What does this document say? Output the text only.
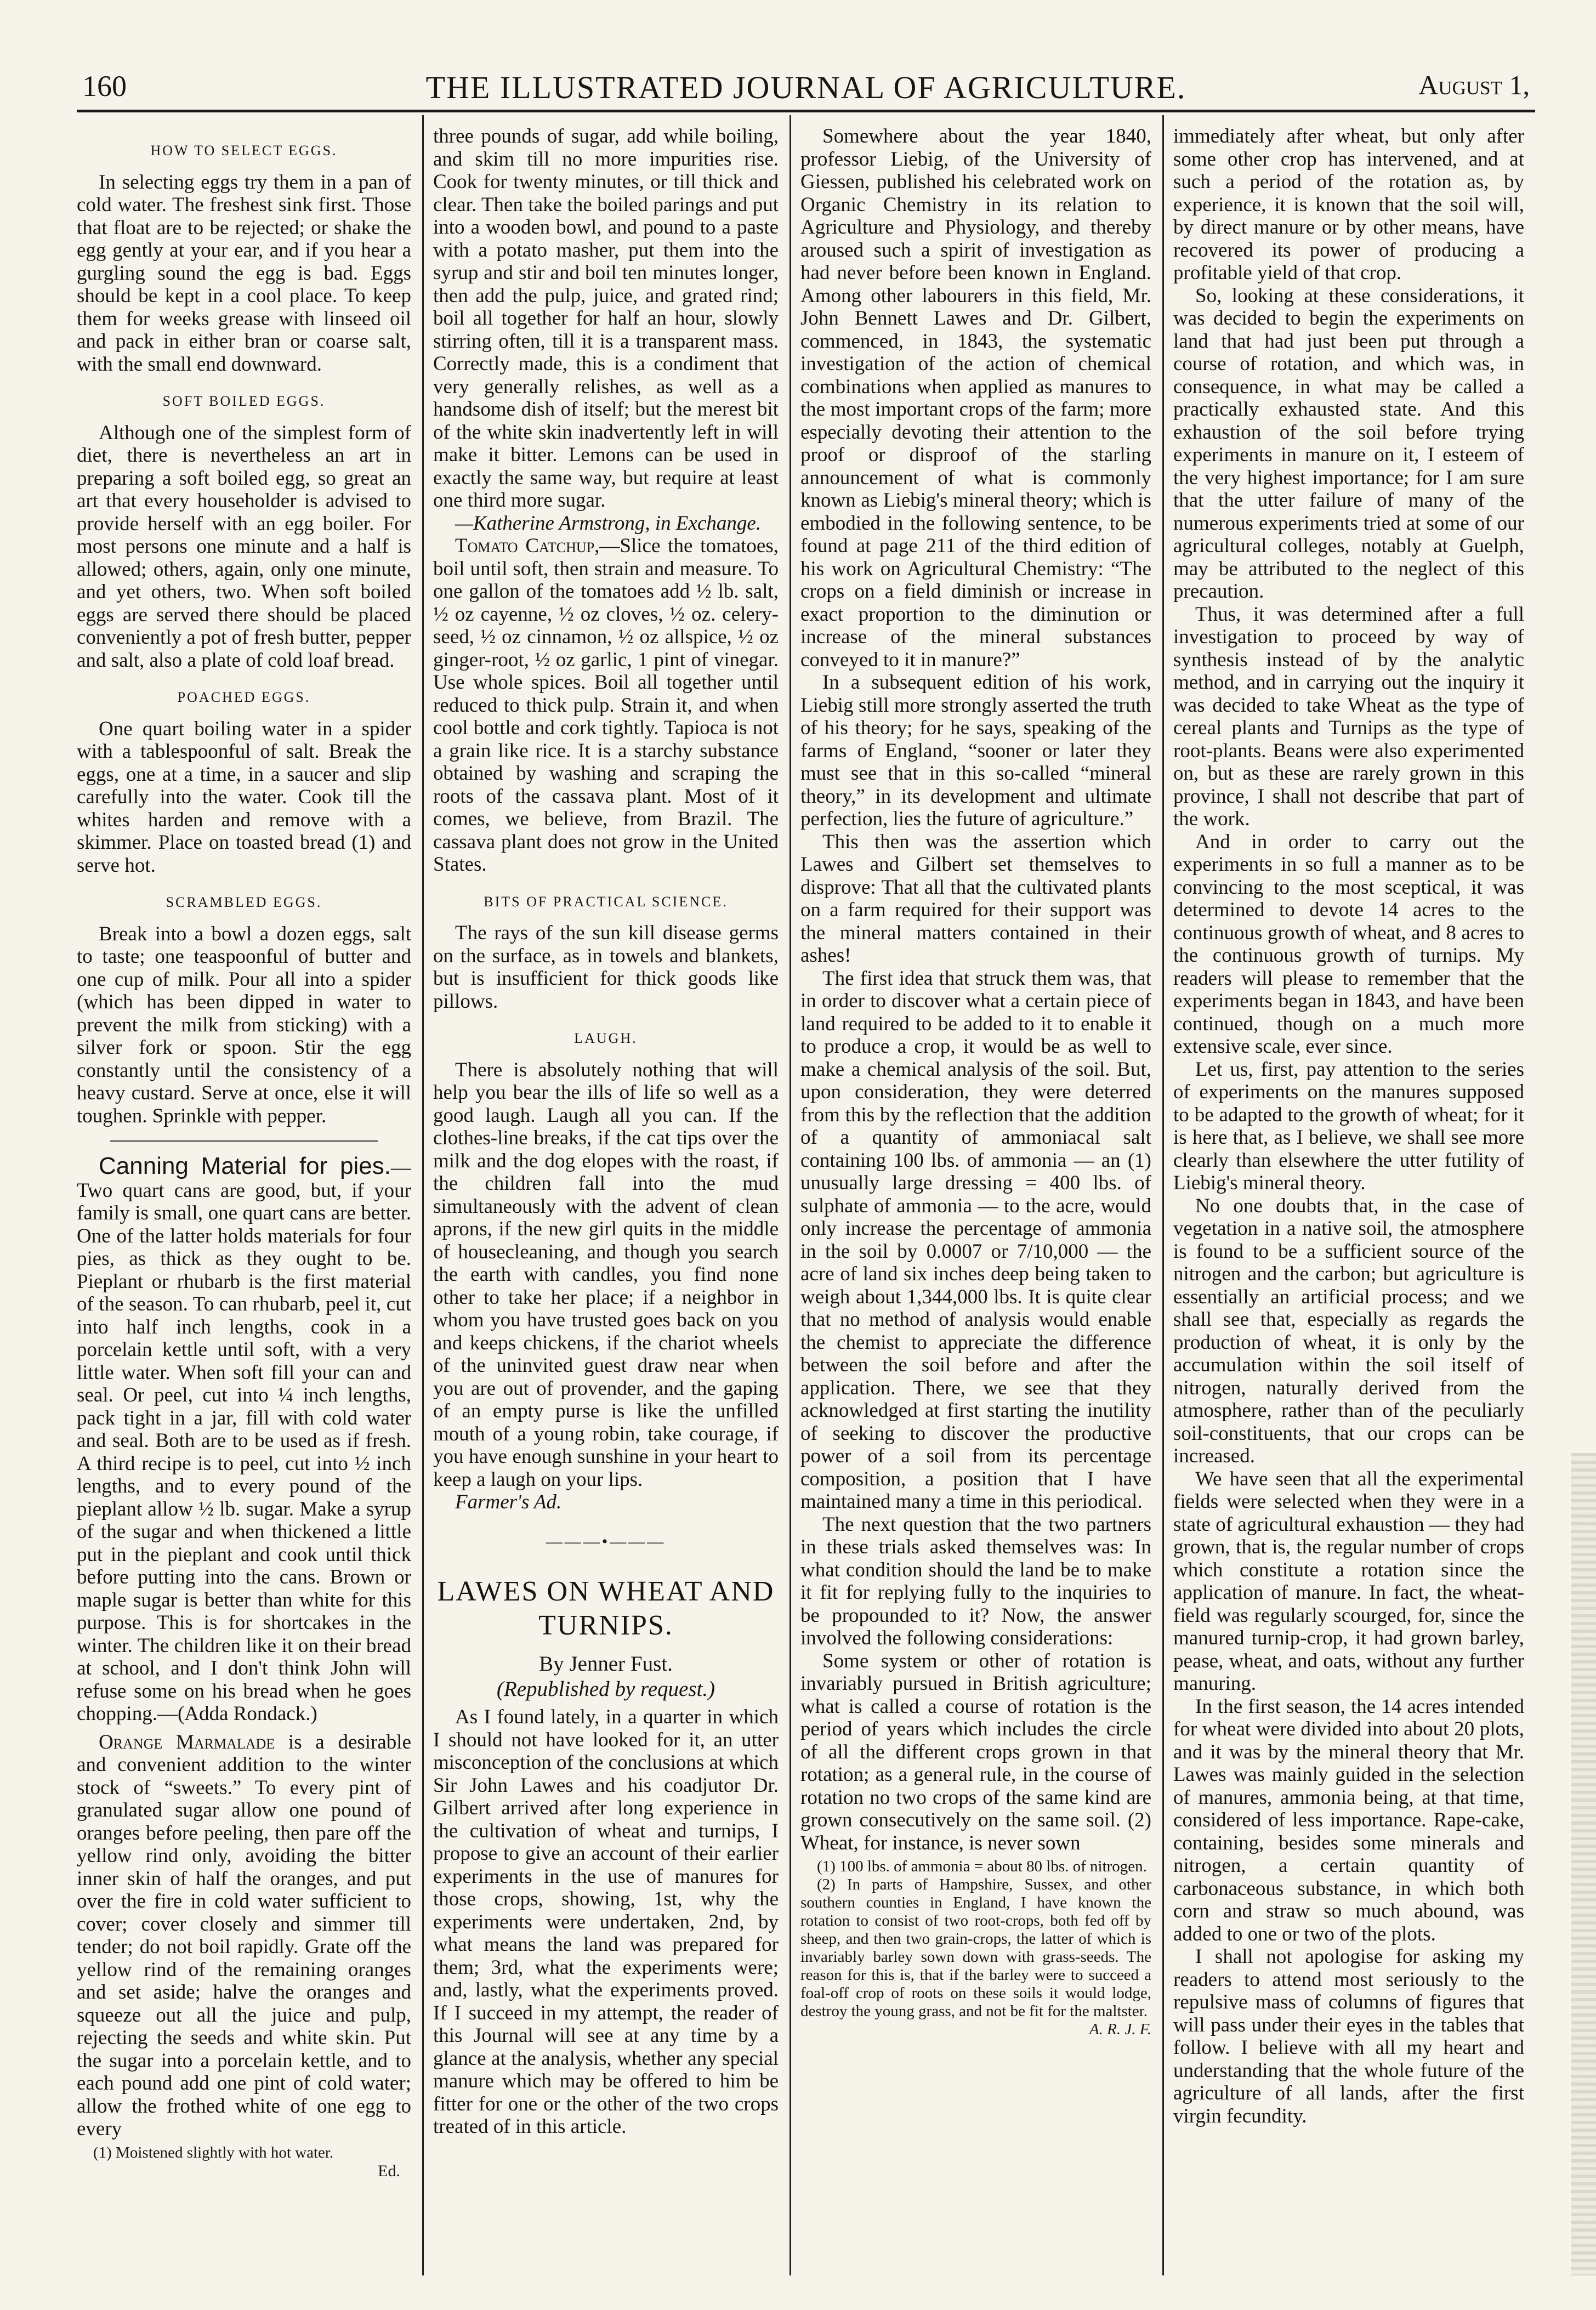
160	THE ILLUSTRATED JOURNAL OF AGRICULTURE.	August 1,
HOW TO SELECT EGGS.

In selecting eggs try them in a pan of cold water. The freshest sink first. Those that float are to be rejected; or shake the egg gently at your ear, and if you hear a gurgling sound the egg is bad. Eggs should be kept in a cool place. To keep them for weeks grease with linseed oil and pack in either bran or coarse salt, with the small end downward.

SOFT BOILED EGGS.

Although one of the simplest form of diet, there is nevertheless an art in preparing a soft boiled egg, so great an art that every householder is advised to provide herself with an egg boiler. For most persons one minute and a half is allowed; others, again, only one minute, and yet others, two. When soft boiled eggs are served there should be placed conveniently a pot of fresh butter, pepper and salt, also a plate of cold loaf bread.

POACHED EGGS.

One quart boiling water in a spider with a tablespoonful of salt. Break the eggs, one at a time, in a saucer and slip carefully into the water. Cook till the whites harden and remove with a skimmer. Place on toasted bread (1) and serve hot.

SCRAMBLED EGGS.

Break into a bowl a dozen eggs, salt to taste; one teaspoonful of butter and one cup of milk. Pour all into a spider (which has been dipped in water to prevent the milk from sticking) with a silver fork or spoon. Stir the egg constantly until the consistency of a heavy custard. Serve at once, else it will toughen. Sprinkle with pepper.

Canning Material for pies.— Two quart cans are good, but, if your family is small, one quart cans are better. One of the latter holds materials for four pies, as thick as they ought to be. Pieplant or rhubarb is the first material of the season. To can rhubarb, peel it, cut into half inch lengths, cook in a porcelain kettle until soft, with a very little water. When soft fill your can and seal. Or peel, cut into ¼ inch lengths, pack tight in a jar, fill with cold water and seal. Both are to be used as if fresh. A third recipe is to peel, cut into ½ inch lengths, and to every pound of the pieplant allow ½ lb. sugar. Make a syrup of the sugar and when thickened a little put in the pieplant and cook until thick before putting into the cans. Brown or maple sugar is better than white for this purpose. This is for shortcakes in the winter. The children like it on their bread at school, and I don't think John will refuse some on his bread when he goes chopping.—(Adda Rondack.)

Orange Marmalade is a desirable and convenient addition to the winter stock of “sweets.” To every pint of granulated sugar allow one pound of oranges before peeling, then pare off the yellow rind only, avoiding the bitter inner skin of half the oranges, and put over the fire in cold water sufficient to cover; cover closely and simmer till tender; do not boil rapidly. Grate off the yellow rind of the remaining oranges and set aside; halve the oranges and squeeze out all the juice and pulp, rejecting the seeds and white skin. Put the sugar into a porcelain kettle, and to each pound add one pint of cold water; allow the frothed white of one egg to every

(1) Moistened slightly with hot water.

Ed.

three pounds of sugar, add while boiling, and skim till no more impurities rise. Cook for twenty minutes, or till thick and clear. Then take the boiled parings and put into a wooden bowl, and pound to a paste with a potato masher, put them into the syrup and stir and boil ten minutes longer, then add the pulp, juice, and grated rind; boil all together for half an hour, slowly stirring often, till it is a transparent mass. Correctly made, this is a condiment that very generally relishes, as well as a handsome dish of itself; but the merest bit of the white skin inadvertently left in will make it bitter. Lemons can be used in exactly the same way, but require at least one third more sugar.

—Katherine Armstrong, in Exchange.

Tomato Catchup,—Slice the tomatoes, boil until soft, then strain and measure. To one gallon of the tomatoes add ½ lb. salt, ½ oz cayenne, ½ oz cloves, ½ oz. celery-seed, ½ oz cinnamon, ½ oz allspice, ½ oz ginger-root, ½ oz garlic, 1 pint of vinegar. Use whole spices. Boil all together until reduced to thick pulp. Strain it, and when cool bottle and cork tightly. Tapioca is not a grain like rice. It is a starchy substance obtained by washing and scraping the roots of the cassava plant. Most of it comes, we believe, from Brazil. The cassava plant does not grow in the United States.

BITS OF PRACTICAL SCIENCE.

The rays of the sun kill disease germs on the surface, as in towels and blankets, but is insufficient for thick goods like pillows.

LAUGH.

There is absolutely nothing that will help you bear the ills of life so well as a good laugh. Laugh all you can. If the clothes-line breaks, if the cat tips over the milk and the dog elopes with the roast, if the children fall into the mud simultaneously with the advent of clean aprons, if the new girl quits in the middle of housecleaning, and though you search the earth with candles, you find none other to take her place; if a neighbor in whom you have trusted goes back on you and keeps chickens, if the chariot wheels of the uninvited guest draw near when you are out of provender, and the gaping of an empty purse is like the unfilled mouth of a young robin, take courage, if you have enough sunshine in your heart to keep a laugh on your lips.

Farmer's Ad.

———•———
LAWES ON WHEAT AND TURNIPS.
By Jenner Fust.
(Republished by request.)

As I found lately, in a quarter in which I should not have looked for it, an utter misconception of the conclusions at which Sir John Lawes and his coadjutor Dr. Gilbert arrived after long experience in the cultivation of wheat and turnips, I propose to give an account of their earlier experiments in the use of manures for those crops, showing, 1st, why the experiments were undertaken, 2nd, by what means the land was prepared for them; 3rd, what the experiments were; and, lastly, what the experiments proved. If I succeed in my attempt, the reader of this Journal will see at any time by a glance at the analysis, whether any special manure which may be offered to him be fitter for one or the other of the two crops treated of in this article.

Somewhere about the year 1840, professor Liebig, of the University of Giessen, published his celebrated work on Organic Chemistry in its relation to Agriculture and Physiology, and thereby aroused such a spirit of investigation as had never before been known in England. Among other labourers in this field, Mr. John Bennett Lawes and Dr. Gilbert, commenced, in 1843, the systematic investigation of the action of chemical combinations when applied as manures to the most important crops of the farm; more especially devoting their attention to the proof or disproof of the starling announcement of what is commonly known as Liebig's mineral theory; which is embodied in the following sentence, to be found at page 211 of the third edition of his work on Agricultural Chemistry: “The crops on a field diminish or increase in exact proportion to the diminution or increase of the mineral substances conveyed to it in manure?”

In a subsequent edition of his work, Liebig still more strongly asserted the truth of his theory; for he says, speaking of the farms of England, “sooner or later they must see that in this so-called “mineral theory,” in its development and ultimate perfection, lies the future of agriculture.”

This then was the assertion which Lawes and Gilbert set themselves to disprove: That all that the cultivated plants on a farm required for their support was the mineral matters contained in their ashes!

The first idea that struck them was, that in order to discover what a certain piece of land required to be added to it to enable it to produce a crop, it would be as well to make a chemical analysis of the soil. But, upon consideration, they were deterred from this by the reflection that the addition of a quantity of ammoniacal salt containing 100 lbs. of ammonia — an (1) unusually large dressing = 400 lbs. of sulphate of ammonia — to the acre, would only increase the percentage of ammonia in the soil by 0.0007 or 7/10,000 — the acre of land six inches deep being taken to weigh about 1,344,000 lbs. It is quite clear that no method of analysis would enable the chemist to appreciate the difference between the soil before and after the application. There, we see that they acknowledged at first starting the inutility of seeking to discover the productive power of a soil from its percentage composition, a position that I have maintained many a time in this periodical.

The next question that the two partners in these trials asked themselves was: In what condition should the land be to make it fit for replying fully to the inquiries to be propounded to it? Now, the answer involved the following considerations:

Some system or other of rotation is invariably pursued in British agriculture; what is called a course of rotation is the period of years which includes the circle of all the different crops grown in that rotation; as a general rule, in the course of rotation no two crops of the same kind are grown consecutively on the same soil. (2) Wheat, for instance, is never sown

(1) 100 lbs. of ammonia = about 80 lbs. of nitrogen.

(2) In parts of Hampshire, Sussex, and other southern counties in England, I have known the rotation to consist of two root-crops, both fed off by sheep, and then two grain-crops, the latter of which is invariably barley sown down with grass-seeds. The reason for this is, that if the barley were to succeed a foal-off crop of roots on these soils it would lodge, destroy the young grass, and not be fit for the maltster.

A. R. J. F.

immediately after wheat, but only after some other crop has intervened, and at such a period of the rotation as, by experience, it is known that the soil will, by direct manure or by other means, have recovered its power of producing a profitable yield of that crop.

So, looking at these considerations, it was decided to begin the experiments on land that had just been put through a course of rotation, and which was, in consequence, in what may be called a practically exhausted state. And this exhaustion of the soil before trying experiments in manure on it, I esteem of the very highest importance; for I am sure that the utter failure of many of the numerous experiments tried at some of our agricultural colleges, notably at Guelph, may be attributed to the neglect of this precaution.

Thus, it was determined after a full investigation to proceed by way of synthesis instead of by the analytic method, and in carrying out the inquiry it was decided to take Wheat as the type of cereal plants and Turnips as the type of root-plants. Beans were also experimented on, but as these are rarely grown in this province, I shall not describe that part of the work.

And in order to carry out the experiments in so full a manner as to be convincing to the most sceptical, it was determined to devote 14 acres to the continuous growth of wheat, and 8 acres to the continuous growth of turnips. My readers will please to remember that the experiments began in 1843, and have been continued, though on a much more extensive scale, ever since.

Let us, first, pay attention to the series of experiments on the manures supposed to be adapted to the growth of wheat; for it is here that, as I believe, we shall see more clearly than elsewhere the utter futility of Liebig's mineral theory.

No one doubts that, in the case of vegetation in a native soil, the atmosphere is found to be a sufficient source of the nitrogen and the carbon; but agriculture is essentially an artificial process; and we shall see that, especially as regards the production of wheat, it is only by the accumulation within the soil itself of nitrogen, naturally derived from the atmosphere, rather than of the peculiarly soil-constituents, that our crops can be increased.

We have seen that all the experimental fields were selected when they were in a state of agricultural exhaustion — they had grown, that is, the regular number of crops which constitute a rotation since the application of manure. In fact, the wheat-field was regularly scourged, for, since the manured turnip-crop, it had grown barley, pease, wheat, and oats, without any further manuring.

In the first season, the 14 acres intended for wheat were divided into about 20 plots, and it was by the mineral theory that Mr. Lawes was mainly guided in the selection of manures, ammonia being, at that time, considered of less importance. Rape-cake, containing, besides some minerals and nitrogen, a certain quantity of carbonaceous substance, in which both corn and straw so much abound, was added to one or two of the plots.

I shall not apologise for asking my readers to attend most seriously to the repulsive mass of columns of figures that will pass under their eyes in the tables that follow. I believe with all my heart and understanding that the whole future of the agriculture of all lands, after the first virgin fecundity.
